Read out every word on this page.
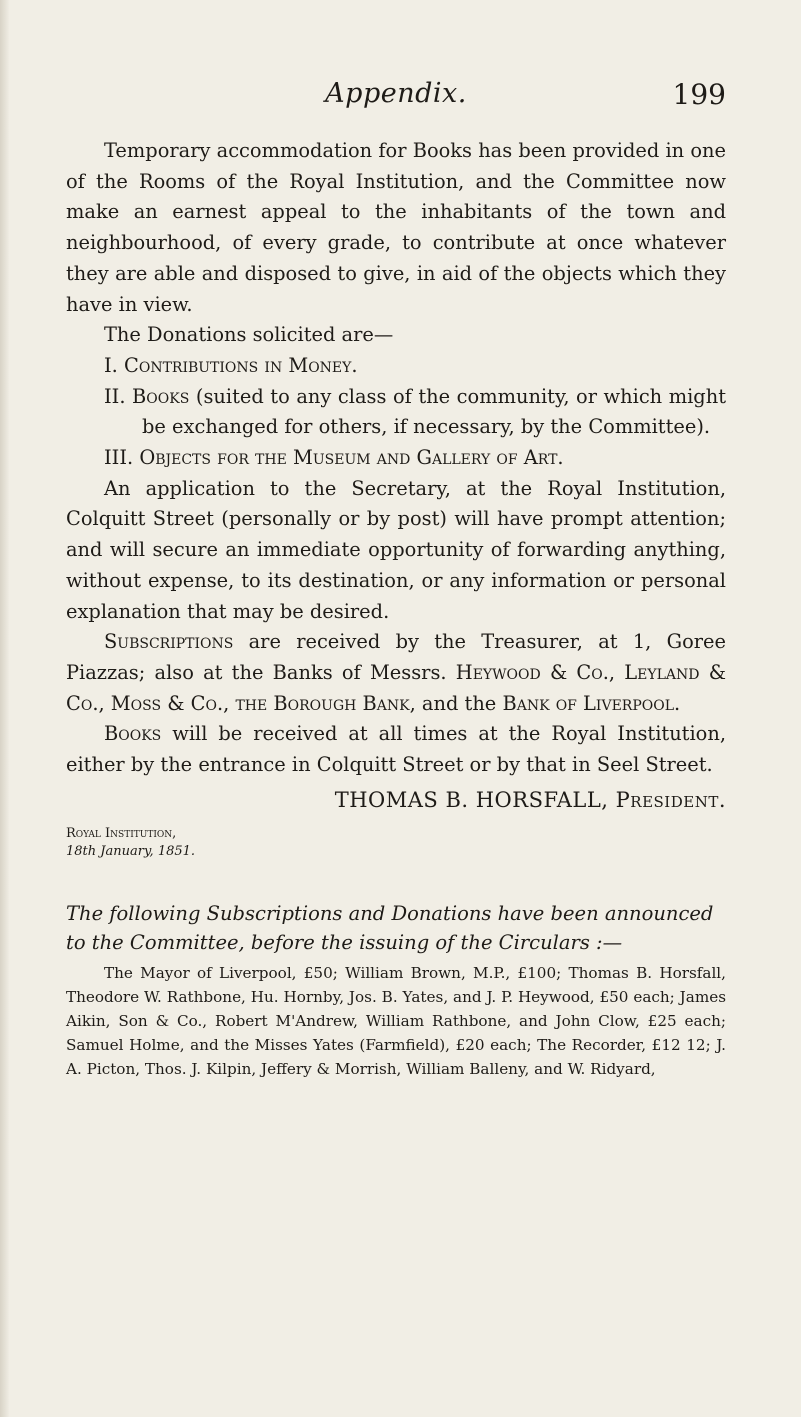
Appendix.	199

Temporary accommodation for Books has been provided in one of the Rooms of the Royal Institution, and the Committee now make an earnest appeal to the inhabitants of the town and neighbourhood, of every grade, to contribute at once whatever they are able and disposed to give, in aid of the objects which they have in view.

The Donations solicited are—

I. Contributions in Money.

II. Books (suited to any class of the community, or which might be exchanged for others, if necessary, by the Committee).

III. Objects for the Museum and Gallery of Art.

An application to the Secretary, at the Royal Institution, Colquitt Street (personally or by post) will have prompt attention; and will secure an immediate opportunity of forwarding anything, without expense, to its destination, or any information or personal explanation that may be desired.

Subscriptions are received by the Treasurer, at 1, Goree Piazzas; also at the Banks of Messrs. Heywood & Co., Leyland & Co., Moss & Co., the Borough Bank, and the Bank of Liverpool.

Books will be received at all times at the Royal Institution, either by the entrance in Colquitt Street or by that in Seel Street.

THOMAS B. HORSFALL, President.

Royal Institution,

18th January, 1851.

The following Subscriptions and Donations have been announced to the Committee, before the issuing of the Circulars :—

The Mayor of Liverpool, £50; William Brown, M.P., £100; Thomas B. Horsfall, Theodore W. Rathbone, Hu. Hornby, Jos. B. Yates, and J. P. Heywood, £50 each; James Aikin, Son & Co., Robert M'Andrew, William Rathbone, and John Clow, £25 each; Samuel Holme, and the Misses Yates (Farmfield), £20 each; The Recorder, £12 12; J. A. Picton, Thos. J. Kilpin, Jeffery & Morrish, William Balleny, and W. Ridyard,
